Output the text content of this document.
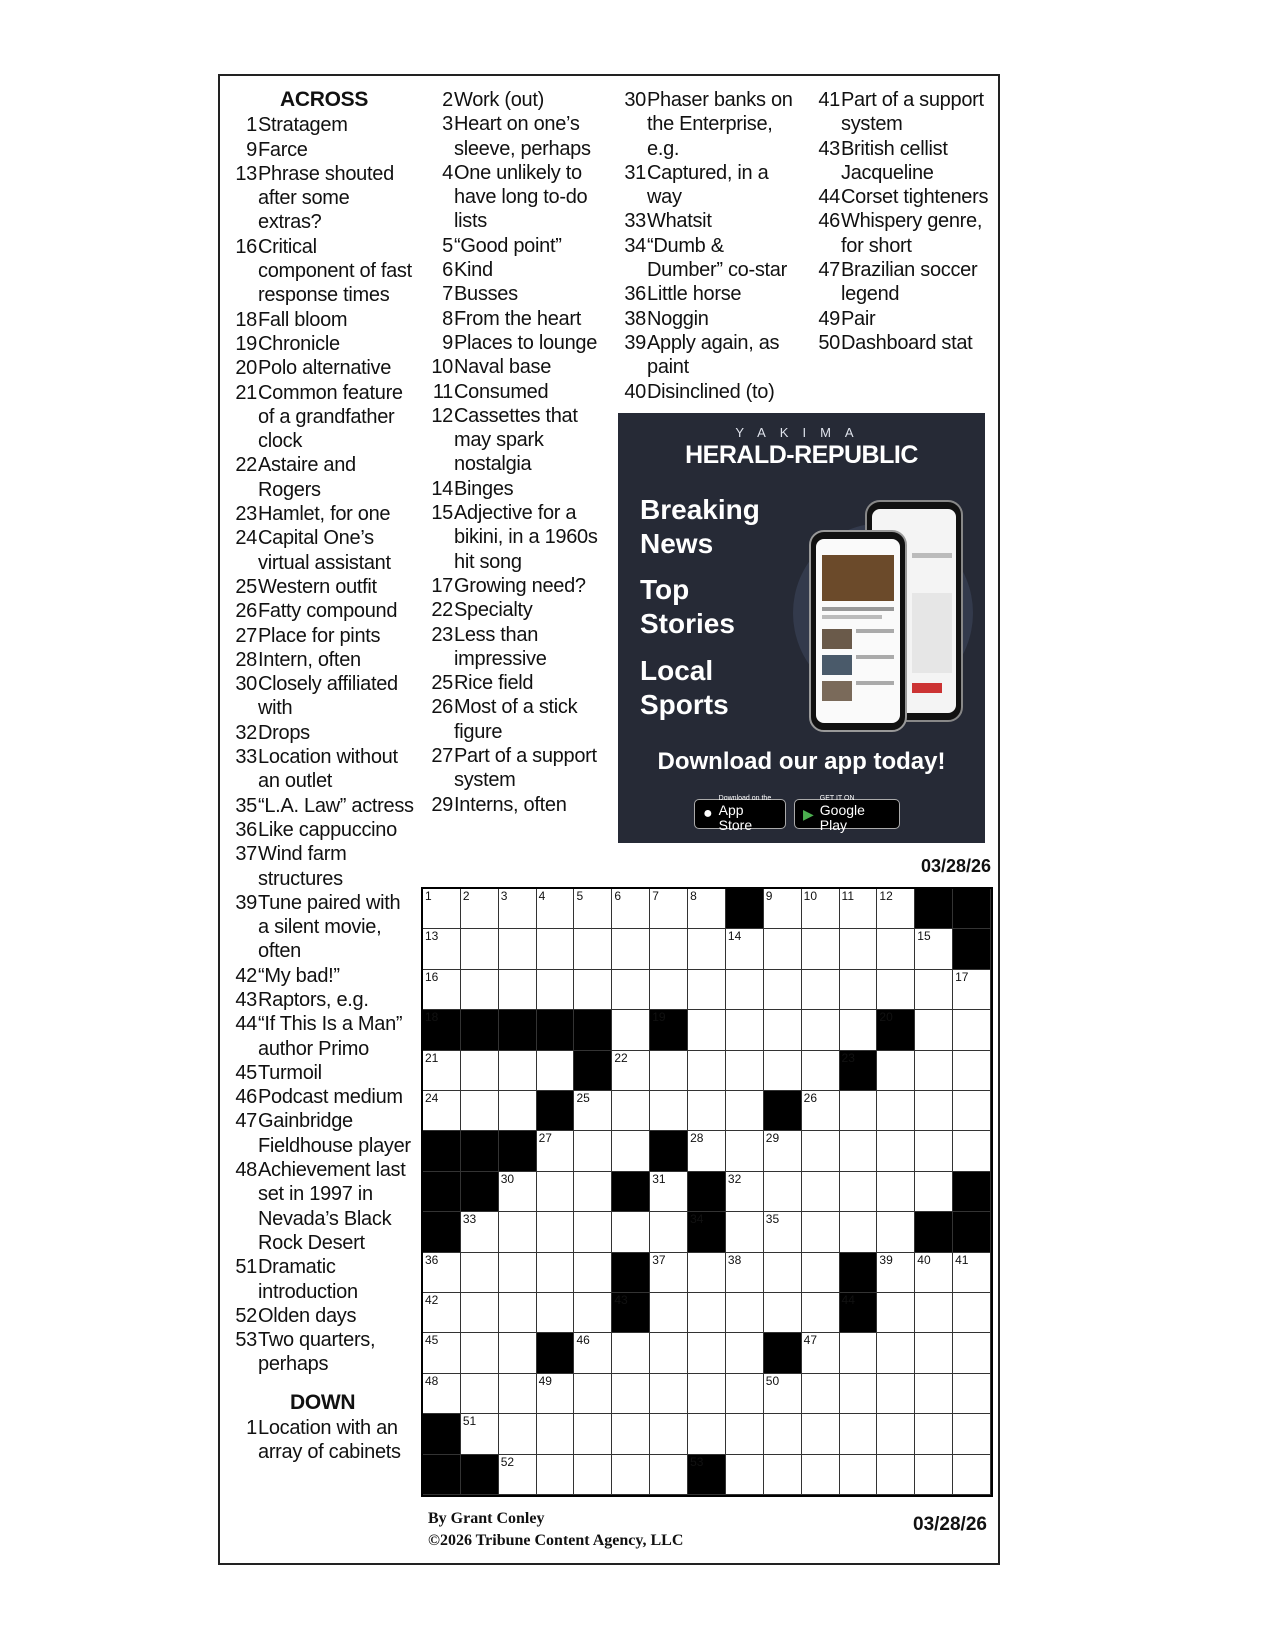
ACROSS
1 Stratagem
9 Farce
13 Phrase shouted after some extras?
16 Critical component of fast response times
18 Fall bloom
19 Chronicle
20 Polo alternative
21 Common feature of a grandfather clock
22 Astaire and Rogers
23 Hamlet, for one
24 Capital One’s virtual assistant
25 Western outfit
26 Fatty compound
27 Place for pints
28 Intern, often
30 Closely affiliated with
32 Drops
33 Location without an outlet
35 “L.A. Law” actress
36 Like cappuccino
37 Wind farm structures
39 Tune paired with a silent movie, often
42 “My bad!”
43 Raptors, e.g.
44 “If This Is a Man” author Primo
45 Turmoil
46 Podcast medium
47 Gainbridge Fieldhouse player
48 Achievement last set in 1997 in Nevada’s Black Rock Desert
51 Dramatic introduction
52 Olden days
53 Two quarters, perhaps
DOWN
1 Location with an array of cabinets
2 Work (out)
3 Heart on one’s sleeve, perhaps
4 One unlikely to have long to-do lists
5 “Good point”
6 Kind
7 Busses
8 From the heart
9 Places to lounge
10 Naval base
11 Consumed
12 Cassettes that may spark nostalgia
14 Binges
15 Adjective for a bikini, in a 1960s hit song
17 Growing need?
22 Specialty
23 Less than impressive
25 Rice field
26 Most of a stick figure
27 Part of a support system
29 Interns, often
30 Phaser banks on the Enterprise, e.g.
31 Captured, in a way
33 Whatsit
34 “Dumb & Dumber” co-star
36 Little horse
38 Noggin
39 Apply again, as paint
40 Disinclined (to)
41 Part of a support system
43 British cellist Jacqueline
44 Corset tighteners
46 Whispery genre, for short
47 Brazilian soccer legend
49 Pair
50 Dashboard stat
YAKIMA
HERALD-REPUBLIC
Breaking
News
Top
Stories
Local
Sports
Download our app today!
●
Download on the
App Store
▶
GET IT ON
Google Play
03/28/26
1	2	3	4	5	6	7	8	9	10 11 12
13	14	15
16	17
18	19	20
21	22	23
24	25	26
27	28	29
30	31	32
33	34	35
36	37	38	39 40 41
42	43	44
45	46	47
48	49	50
51
52	53
By Grant Conley
©2026 Tribune Content Agency, LLC
03/28/26
